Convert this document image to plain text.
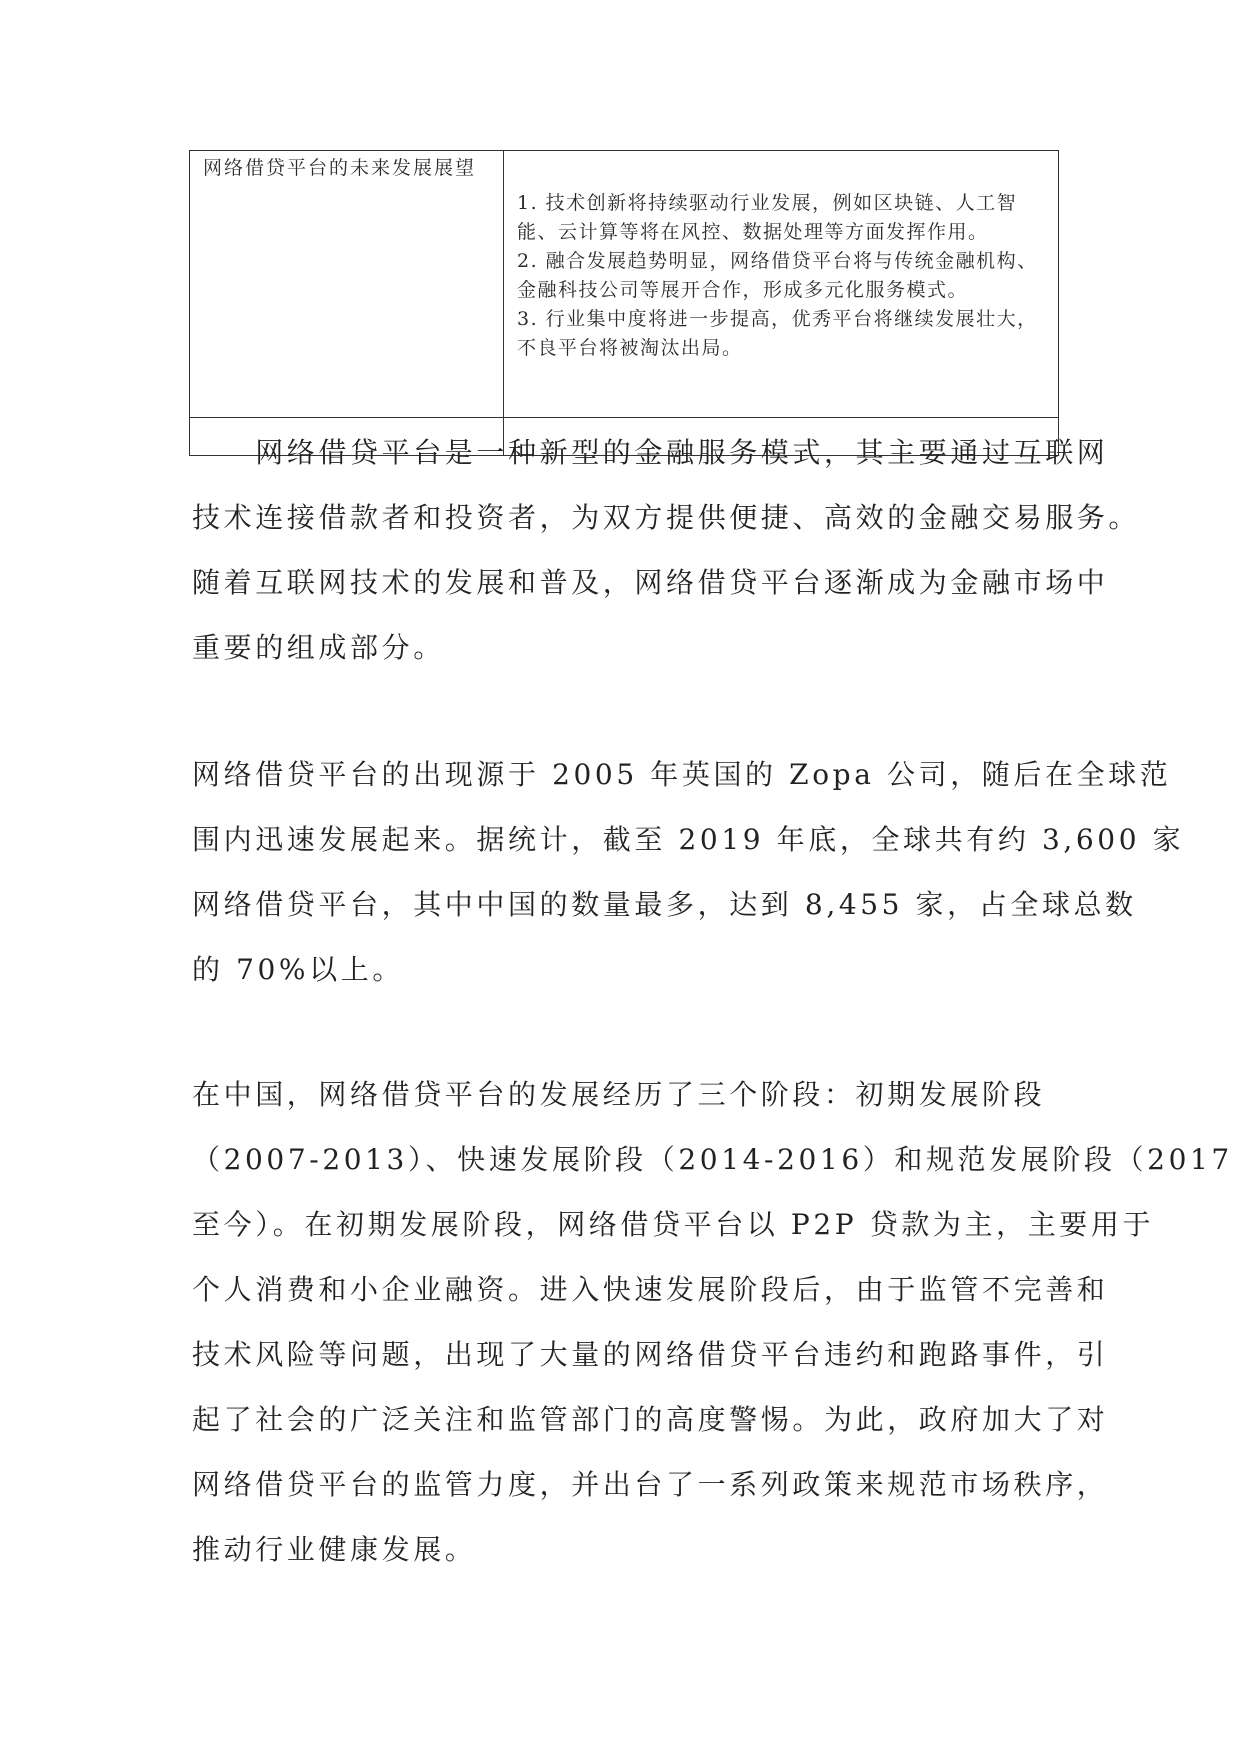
网络借贷平台的未来发展展望	1. 技术创新将持续驱动行业发展，例如区块链、人工智能、云计算等将在风控、数据处理等方面发挥作用。
2. 融合发展趋势明显，网络借贷平台将与传统金融机构、金融科技公司等展开合作，形成多元化服务模式。
3. 行业集中度将进一步提高，优秀平台将继续发展壮大，不良平台将被淘汰出局。

　　网络借贷平台是一种新型的金融服务模式，其主要通过互联网
技术连接借款者和投资者，为双方提供便捷、高效的金融交易服务。
随着互联网技术的发展和普及，网络借贷平台逐渐成为金融市场中
重要的组成部分。
网络借贷平台的出现源于 2005 年英国的 Zopa 公司，随后在全球范
围内迅速发展起来。据统计，截至 2019 年底，全球共有约 3,600 家
网络借贷平台，其中中国的数量最多，达到 8,455 家，占全球总数
的 70%以上。
在中国，网络借贷平台的发展经历了三个阶段：初期发展阶段
（2007-2013）、快速发展阶段（2014-2016）和规范发展阶段（2017
至今）。在初期发展阶段，网络借贷平台以 P2P 贷款为主，主要用于
个人消费和小企业融资。进入快速发展阶段后，由于监管不完善和
技术风险等问题，出现了大量的网络借贷平台违约和跑路事件，引
起了社会的广泛关注和监管部门的高度警惕。为此，政府加大了对
网络借贷平台的监管力度，并出台了一系列政策来规范市场秩序，
推动行业健康发展。
